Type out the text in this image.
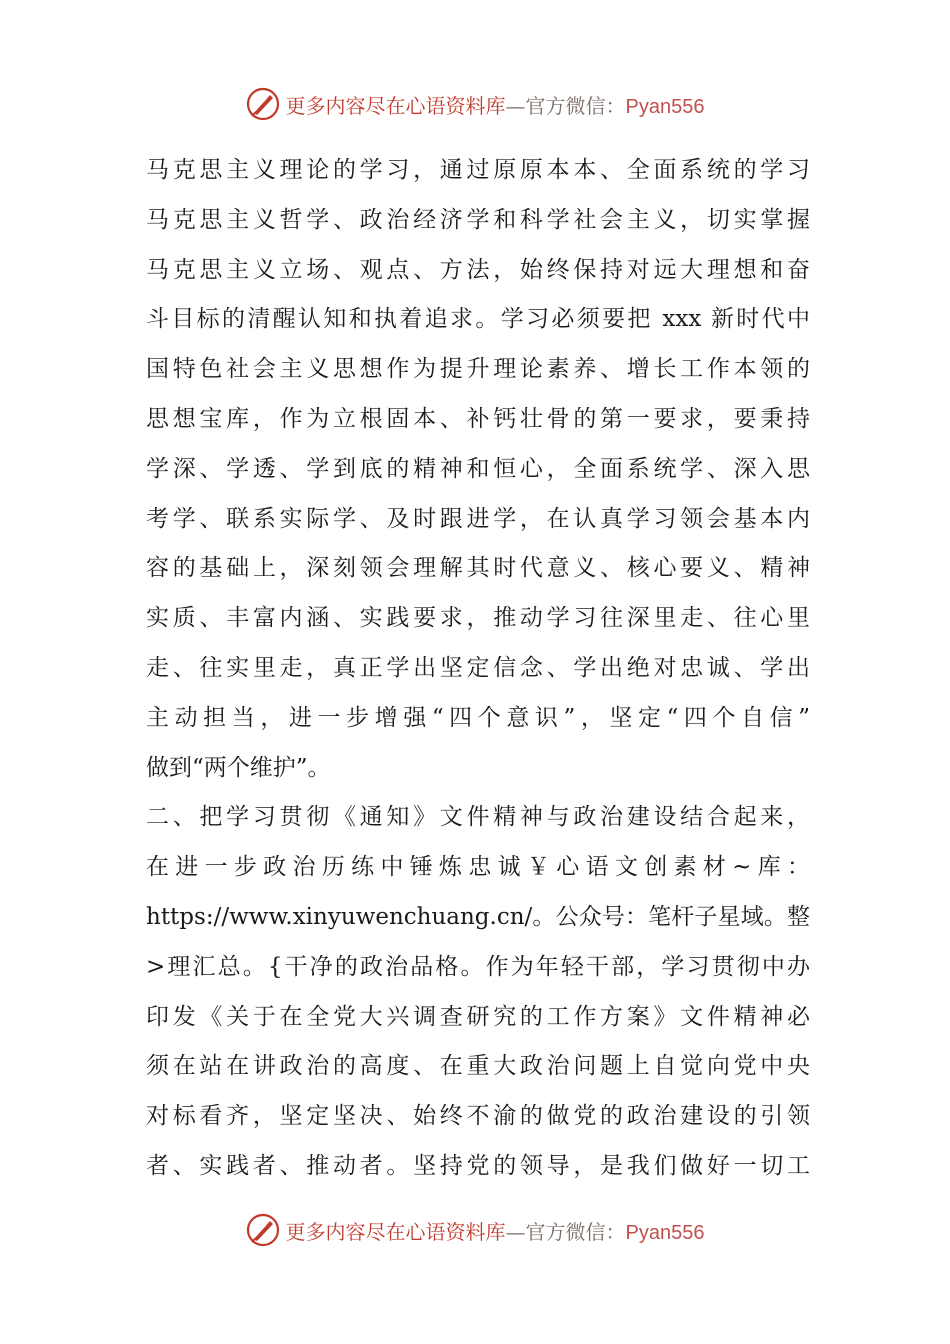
更多内容尽在心语资料库—官方微信：Pyan556
马克思主义理论的学习，通过原原本本、全面系统的学习
马克思主义哲学、政治经济学和科学社会主义，切实掌握
马克思主义立场、观点、方法，始终保持对远大理想和奋
斗目标的清醒认知和执着追求。学习必须要把 xxx 新时代中
国特色社会主义思想作为提升理论素养、增长工作本领的
思想宝库，作为立根固本、补钙壮骨的第一要求，要秉持
学深、学透、学到底的精神和恒心，全面系统学、深入思
考学、联系实际学、及时跟进学，在认真学习领会基本内
容的基础上，深刻领会理解其时代意义、核心要义、精神
实质、丰富内涵、实践要求，推动学习往深里走、往心里
走、往实里走，真正学出坚定信念、学出绝对忠诚、学出
主动担当，进一步增强“四个意识”，坚定“四个自信”
做到“两个维护”。
二、把学习贯彻《通知》文件精神与政治建设结合起来，
在进一步政治历练中锤炼忠诚￥心语文创素材~库：
https://www.xinyuwenchuang.cn/。公众号：笔杆子星域。整
>理汇总。{干净的政治品格。作为年轻干部，学习贯彻中办
印发《关于在全党大兴调查研究的工作方案》文件精神必
须在站在讲政治的高度、在重大政治问题上自觉向党中央
对标看齐，坚定坚决、始终不渝的做党的政治建设的引领
者、实践者、推动者。坚持党的领导，是我们做好一切工
更多内容尽在心语资料库—官方微信：Pyan556
